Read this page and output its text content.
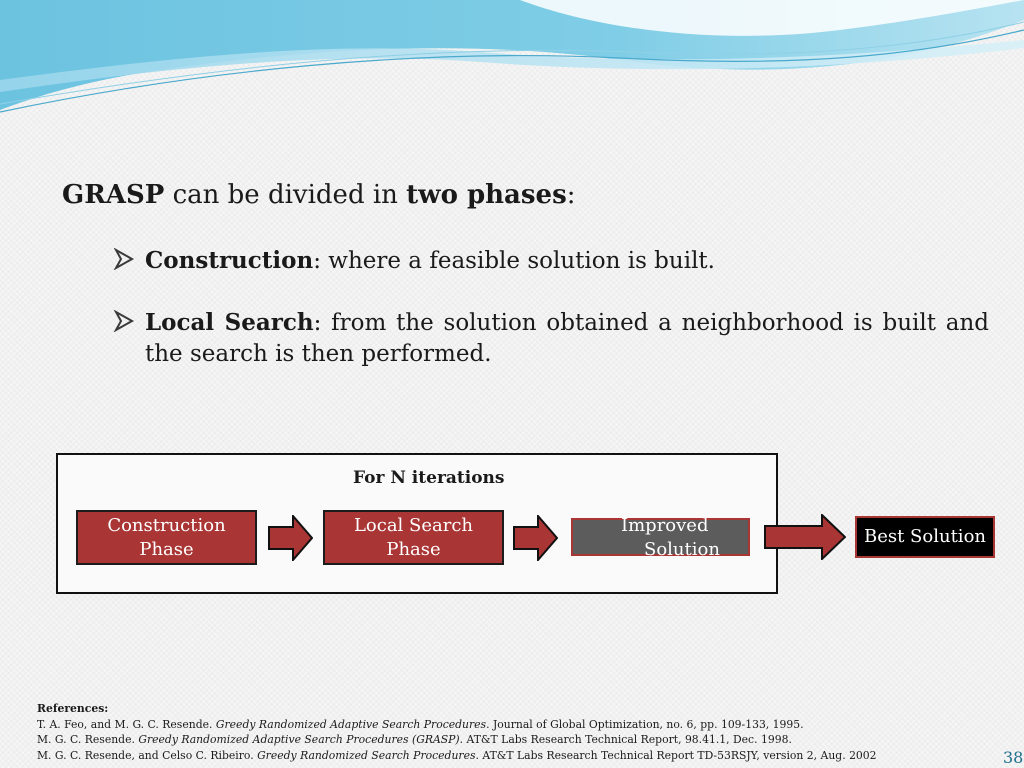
GRASP can be divided in two phases:
Construction: where a feasible solution is built.
Local Search: from the solution obtained a neighborhood is built and the search is then performed.
For N iterations
Construction
Phase
Local Search
Phase
Improved
Solution
Best Solution
References:
T. A. Feo, and M. G. C. Resende. Greedy Randomized Adaptive Search Procedures. Journal of Global Optimization, no. 6, pp. 109-133, 1995.
M. G. C. Resende. Greedy Randomized Adaptive Search Procedures (GRASP). AT&T Labs Research Technical Report, 98.41.1, Dec. 1998.
M. G. C. Resende, and Celso C. Ribeiro. Greedy Randomized Search Procedures. AT&T Labs Research Technical Report TD-53RSJY, version 2, Aug. 2002	38
